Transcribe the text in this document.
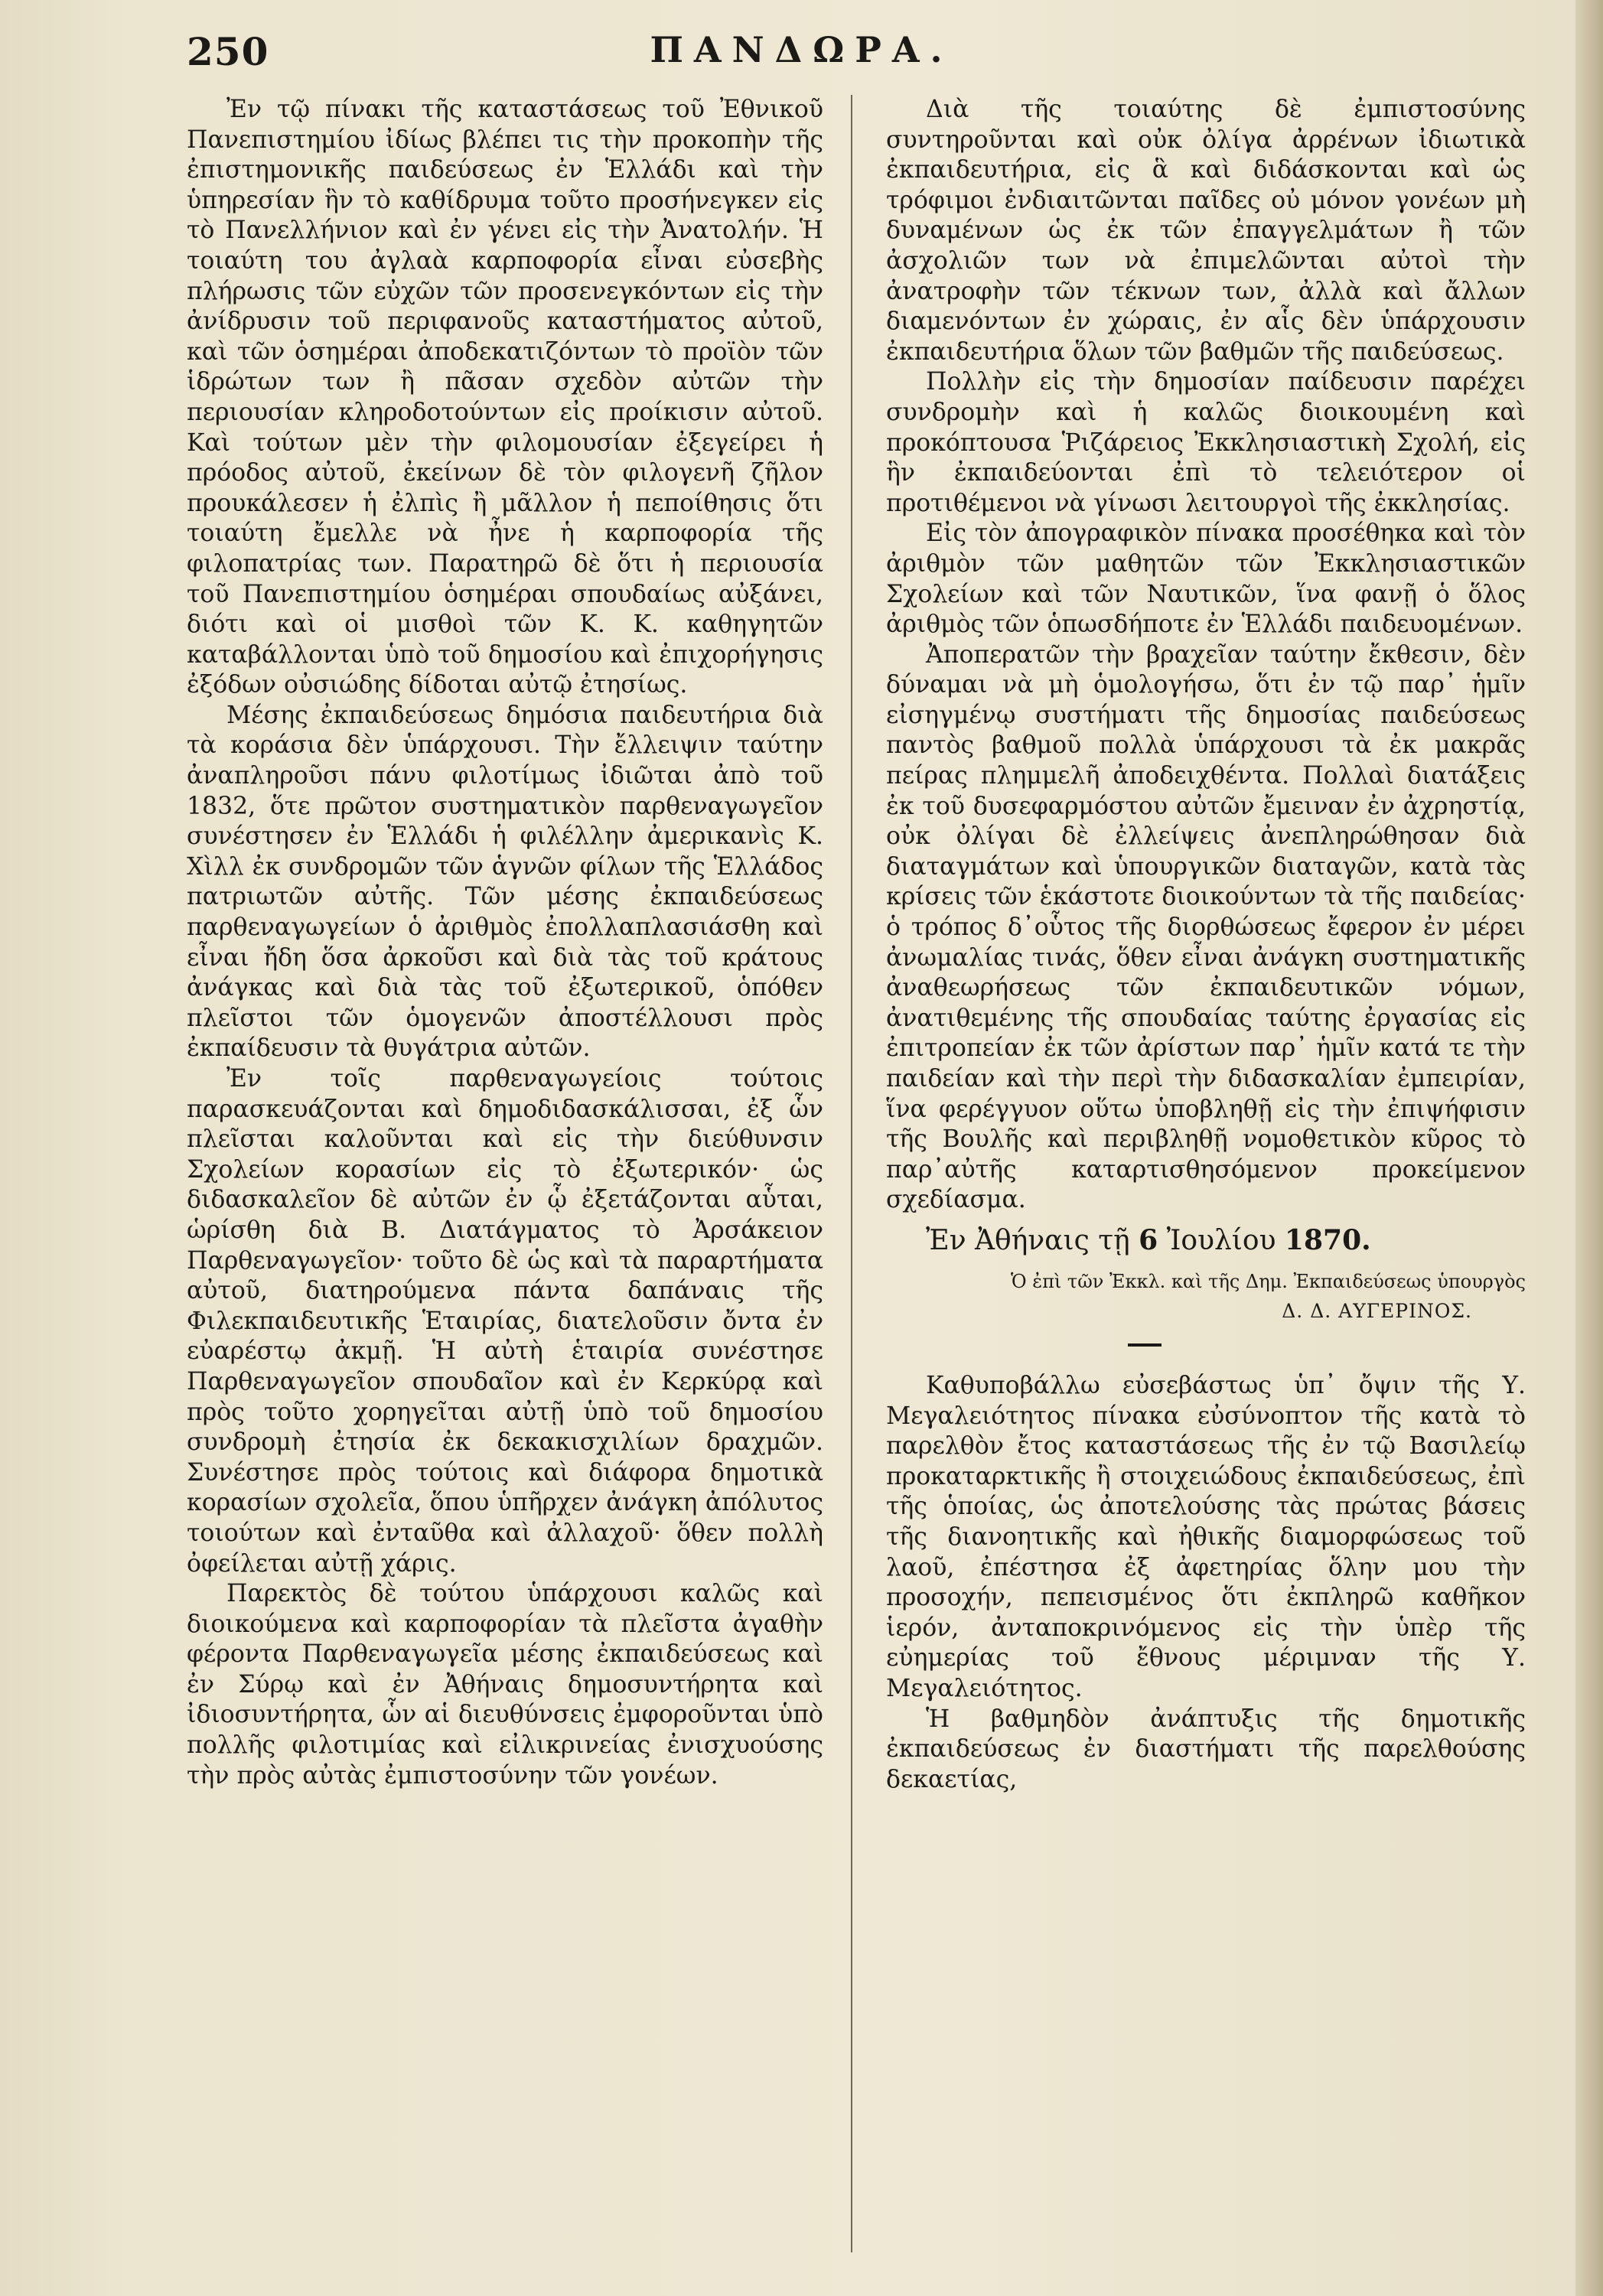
250	ΠΑΝΔΩΡΑ.

Ἐν τῷ πίνακι τῆς καταστάσεως τοῦ Ἐθνικοῦ Πανεπιστημίου ἰδίως βλέπει τις τὴν προκοπὴν τῆς ἐπιστημονικῆς παιδεύσεως ἐν Ἑλλάδι καὶ τὴν ὑπηρεσίαν ἣν τὸ καθίδρυμα τοῦτο προσήνεγκεν εἰς τὸ Πανελλήνιον καὶ ἐν γένει εἰς τὴν Ἀνατολήν. Ἡ τοιαύτη του ἀγλαὰ καρποφορία εἶναι εὐσεβὴς πλήρωσις τῶν εὐχῶν τῶν προσενεγκόντων εἰς τὴν ἀνίδρυσιν τοῦ περιφανοῦς καταστήματος αὐτοῦ, καὶ τῶν ὁσημέραι ἀποδεκατιζόντων τὸ προϊὸν τῶν ἱδρώτων των ἢ πᾶσαν σχεδὸν αὐτῶν τὴν περιουσίαν κληροδοτούντων εἰς προίκισιν αὐτοῦ. Καὶ τούτων μὲν τὴν φιλομουσίαν ἐξεγείρει ἡ πρόοδος αὐτοῦ, ἐκείνων δὲ τὸν φιλογενῆ ζῆλον προυκάλεσεν ἡ ἐλπὶς ἢ μᾶλλον ἡ πεποίθησις ὅτι τοιαύτη ἔμελλε νὰ ἦνε ἡ καρποφορία τῆς φιλοπατρίας των. Παρατηρῶ δὲ ὅτι ἡ περιουσία τοῦ Πανεπιστημίου ὁσημέραι σπουδαίως αὐξάνει, διότι καὶ οἱ μισθοὶ τῶν Κ. Κ. καθηγητῶν καταβάλλονται ὑπὸ τοῦ δημοσίου καὶ ἐπιχορήγησις ἐξόδων οὐσιώδης δίδοται αὐτῷ ἐτησίως.

Μέσης ἐκπαιδεύσεως δημόσια παιδευτήρια διὰ τὰ κοράσια δὲν ὑπάρχουσι. Τὴν ἔλλειψιν ταύτην ἀναπληροῦσι πάνυ φιλοτίμως ἰδιῶται ἀπὸ τοῦ 1832, ὅτε πρῶτον συστηματικὸν παρθεναγωγεῖον συνέστησεν ἐν Ἑλλάδι ἡ φιλέλλην ἀμερικανὶς Κ. Χὶλλ ἐκ συνδρομῶν τῶν ἁγνῶν φίλων τῆς Ἑλλάδος πατριωτῶν αὐτῆς. Τῶν μέσης ἐκπαιδεύσεως παρθεναγωγείων ὁ ἀριθμὸς ἐπολλαπλασιάσθη καὶ εἶναι ἤδη ὅσα ἀρκοῦσι καὶ διὰ τὰς τοῦ κράτους ἀνάγκας καὶ διὰ τὰς τοῦ ἐξωτερικοῦ, ὁπόθεν πλεῖστοι τῶν ὁμογενῶν ἀποστέλλουσι πρὸς ἐκπαίδευσιν τὰ θυγάτρια αὐτῶν.

Ἐν τοῖς παρθεναγωγείοις τούτοις παρασκευάζονται καὶ δημοδιδασκάλισσαι, ἐξ ὧν πλεῖσται καλοῦνται καὶ εἰς τὴν διεύθυνσιν Σχολείων κορασίων εἰς τὸ ἐξωτερικόν· ὡς διδασκαλεῖον δὲ αὐτῶν ἐν ᾧ ἐξετάζονται αὗται, ὡρίσθη διὰ Β. Διατάγματος τὸ Ἀρσάκειον Παρθεναγωγεῖον· τοῦτο δὲ ὡς καὶ τὰ παραρτήματα αὐτοῦ, διατηρούμενα πάντα δαπάναις τῆς Φιλεκπαιδευτικῆς Ἑταιρίας, διατελοῦσιν ὄντα ἐν εὐαρέστῳ ἀκμῇ. Ἡ αὐτὴ ἑταιρία συνέστησε Παρθεναγωγεῖον σπουδαῖον καὶ ἐν Κερκύρᾳ καὶ πρὸς τοῦτο χορηγεῖται αὐτῇ ὑπὸ τοῦ δημοσίου συνδρομὴ ἐτησία ἐκ δεκακισχιλίων δραχμῶν. Συνέστησε πρὸς τούτοις καὶ διάφορα δημοτικὰ κορασίων σχολεῖα, ὅπου ὑπῆρχεν ἀνάγκη ἀπόλυτος τοιούτων καὶ ἐνταῦθα καὶ ἀλλαχοῦ· ὅθεν πολλὴ ὀφείλεται αὐτῇ χάρις.

Παρεκτὸς δὲ τούτου ὑπάρχουσι καλῶς καὶ διοικούμενα καὶ καρποφορίαν τὰ πλεῖστα ἀγαθὴν φέροντα Παρθεναγωγεῖα μέσης ἐκπαιδεύσεως καὶ ἐν Σύρῳ καὶ ἐν Ἀθήναις δημοσυντήρητα καὶ ἰδιοσυντήρητα, ὧν αἱ διευθύνσεις ἐμφοροῦνται ὑπὸ πολλῆς φιλοτιμίας καὶ εἰλικρινείας ἐνισχυούσης τὴν πρὸς αὐτὰς ἐμπιστοσύνην τῶν γονέων.

Διὰ τῆς τοιαύτης δὲ ἐμπιστοσύνης συντηροῦνται καὶ οὐκ ὀλίγα ἀρρένων ἰδιωτικὰ ἐκπαιδευτήρια, εἰς ἃ καὶ διδάσκονται καὶ ὡς τρόφιμοι ἐνδιαιτῶνται παῖδες οὐ μόνον γονέων μὴ δυναμένων ὡς ἐκ τῶν ἐπαγγελμάτων ἢ τῶν ἀσχολιῶν των νὰ ἐπιμελῶνται αὐτοὶ τὴν ἀνατροφὴν τῶν τέκνων των, ἀλλὰ καὶ ἄλλων διαμενόντων ἐν χώραις, ἐν αἷς δὲν ὑπάρχουσιν ἐκπαιδευτήρια ὅλων τῶν βαθμῶν τῆς παιδεύσεως.

Πολλὴν εἰς τὴν δημοσίαν παίδευσιν παρέχει συνδρομὴν καὶ ἡ καλῶς διοικουμένη καὶ προκόπτουσα Ῥιζάρειος Ἐκκλησιαστικὴ Σχολή, εἰς ἣν ἐκπαιδεύονται ἐπὶ τὸ τελειότερον οἱ προτιθέμενοι νὰ γίνωσι λειτουργοὶ τῆς ἐκκλησίας.

Εἰς τὸν ἀπογραφικὸν πίνακα προσέθηκα καὶ τὸν ἀριθμὸν τῶν μαθητῶν τῶν Ἐκκλησιαστικῶν Σχολείων καὶ τῶν Ναυτικῶν, ἵνα φανῇ ὁ ὅλος ἀριθμὸς τῶν ὁπωσδήποτε ἐν Ἑλλάδι παιδευομένων.

Ἀποπερατῶν τὴν βραχεῖαν ταύτην ἔκθεσιν, δὲν δύναμαι νὰ μὴ ὁμολογήσω, ὅτι ἐν τῷ παρ᾽ ἡμῖν εἰσηγμένῳ συστήματι τῆς δημοσίας παιδεύσεως παντὸς βαθμοῦ πολλὰ ὑπάρχουσι τὰ ἐκ μακρᾶς πείρας πλημμελῆ ἀποδειχθέντα. Πολλαὶ διατάξεις ἐκ τοῦ δυσεφαρμόστου αὐτῶν ἔμειναν ἐν ἀχρηστίᾳ, οὐκ ὀλίγαι δὲ ἐλλείψεις ἀνεπληρώθησαν διὰ διαταγμάτων καὶ ὑπουργικῶν διαταγῶν, κατὰ τὰς κρίσεις τῶν ἑκάστοτε διοικούντων τὰ τῆς παιδείας· ὁ τρόπος δ᾽οὗτος τῆς διορθώσεως ἔφερον ἐν μέρει ἀνωμαλίας τινάς, ὅθεν εἶναι ἀνάγκη συστηματικῆς ἀναθεωρήσεως τῶν ἐκπαιδευτικῶν νόμων, ἀνατιθεμένης τῆς σπουδαίας ταύτης ἐργασίας εἰς ἐπιτροπείαν ἐκ τῶν ἀρίστων παρ᾽ ἡμῖν κατά τε τὴν παιδείαν καὶ τὴν περὶ τὴν διδασκαλίαν ἐμπειρίαν, ἵνα φερέγγυον οὕτω ὑποβληθῇ εἰς τὴν ἐπιψήφισιν τῆς Βουλῆς καὶ περιβληθῇ νομοθετικὸν κῦρος τὸ παρ᾽αὐτῆς καταρτισθησόμενον προκείμενον σχεδίασμα.

Ἐν Ἀθήναις τῇ 6 Ἰουλίου 1870.

Ὁ ἐπὶ τῶν Ἐκκλ. καὶ τῆς Δημ. Ἐκπαιδεύσεως ὑπουργὸς

Δ. Δ. ΑΥΓΕΡΙΝΟΣ.

Καθυποβάλλω εὐσεβάστως ὑπ᾽ ὄψιν τῆς Υ. Μεγαλειότητος πίνακα εὐσύνοπτον τῆς κατὰ τὸ παρελθὸν ἔτος καταστάσεως τῆς ἐν τῷ Βασιλείῳ προκαταρκτικῆς ἢ στοιχειώδους ἐκπαιδεύσεως, ἐπὶ τῆς ὁποίας, ὡς ἀποτελούσης τὰς πρώτας βάσεις τῆς διανοητικῆς καὶ ἠθικῆς διαμορφώσεως τοῦ λαοῦ, ἐπέστησα ἐξ ἀφετηρίας ὅλην μου τὴν προσοχήν, πεπεισμένος ὅτι ἐκπληρῶ καθῆκον ἱερόν, ἀνταποκρινόμενος εἰς τὴν ὑπὲρ τῆς εὐημερίας τοῦ ἔθνους μέριμναν τῆς Υ. Μεγαλειότητος.

Ἡ βαθμηδὸν ἀνάπτυξις τῆς δημοτικῆς ἐκπαιδεύσεως ἐν διαστήματι τῆς παρελθούσης δεκαετίας,
